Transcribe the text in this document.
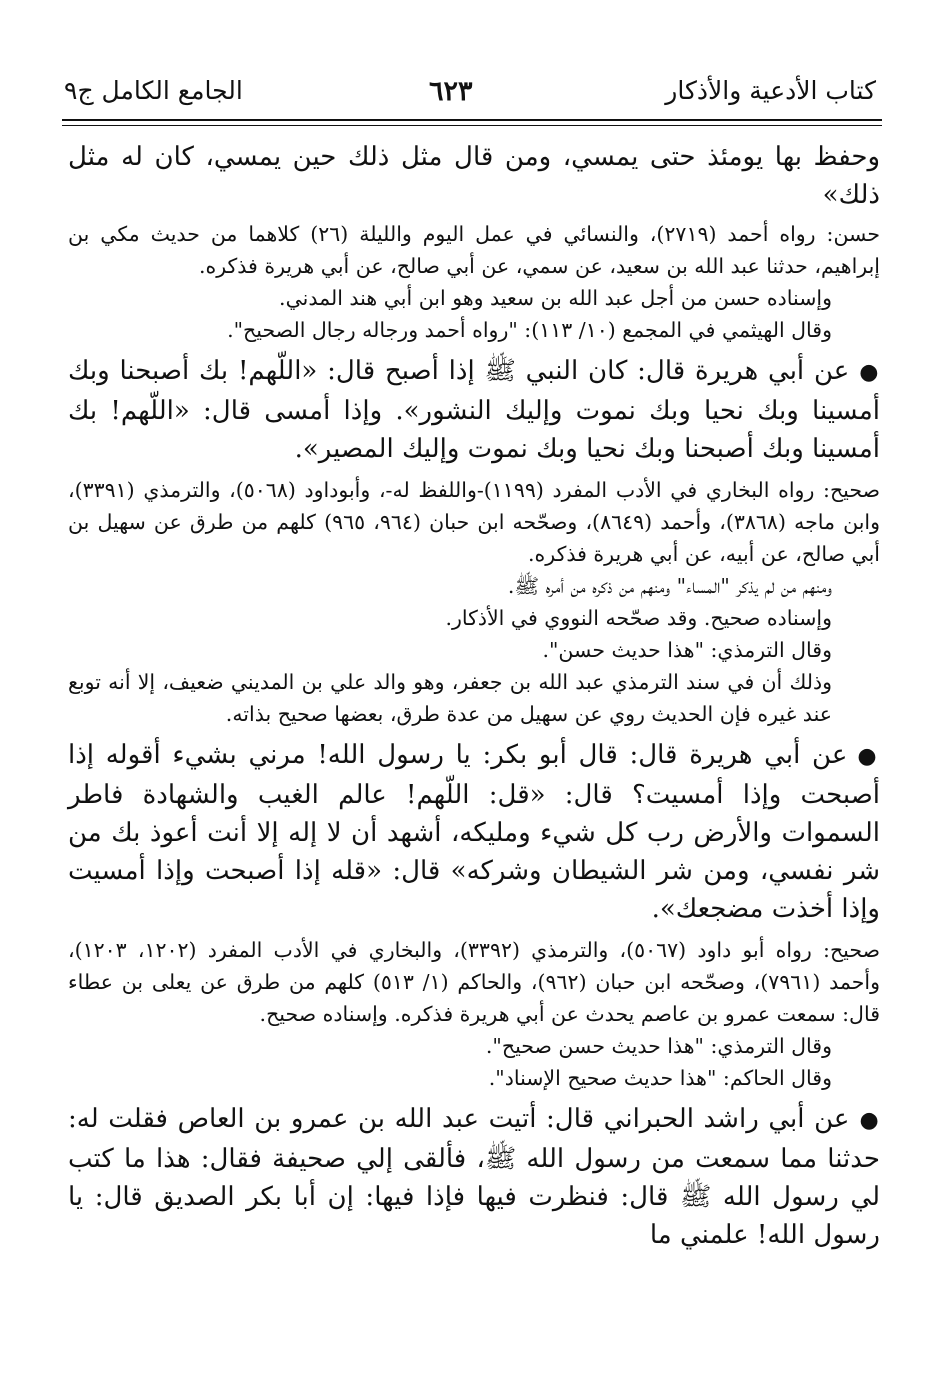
كتاب الأدعية والأذكار
٦٢٣
الجامع الكامل ج٩

وحفظ بها يومئذ حتى يمسي، ومن قال مثل ذلك حين يمسي، كان له مثل ذلك»

حسن: رواه أحمد (٢٧١٩)، والنسائي في عمل اليوم والليلة (٢٦) كلاهما من حديث مكي بن إبراهيم، حدثنا عبد الله بن سعيد، عن سمي، عن أبي صالح، عن أبي هريرة فذكره.

وإسناده حسن من أجل عبد الله بن سعيد وهو ابن أبي هند المدني.

وقال الهيثمي في المجمع (١٠/ ١١٣): "رواه أحمد ورجاله رجال الصحيح".

●عن أبي هريرة قال: كان النبي ﷺ إذا أصبح قال: «اللّهم! بك أصبحنا وبك أمسينا وبك نحيا وبك نموت وإليك النشور». وإذا أمسى قال: «اللّهم! بك أمسينا وبك أصبحنا وبك نحيا وبك نموت وإليك المصير».

صحيح: رواه البخاري في الأدب المفرد (١١٩٩)-واللفظ له-، وأبوداود (٥٠٦٨)، والترمذي (٣٣٩١)، وابن ماجه (٣٨٦٨)، وأحمد (٨٦٤٩)، وصحّحه ابن حبان (٩٦٤، ٩٦٥) كلهم من طرق عن سهيل بن أبي صالح، عن أبيه، عن أبي هريرة فذكره.

ومنهم من لم يذكر "المساء" ومنهم من ذكره من أمره ﷺ.

وإسناده صحيح. وقد صحّحه النووي في الأذكار.

وقال الترمذي: "هذا حديث حسن".

وذلك أن في سند الترمذي عبد الله بن جعفر، وهو والد علي بن المديني ضعيف، إلا أنه توبع عند غيره فإن الحديث روي عن سهيل من عدة طرق، بعضها صحيح بذاته.

●عن أبي هريرة قال: قال أبو بكر: يا رسول الله! مرني بشيء أقوله إذا أصبحت وإذا أمسيت؟ قال: «قل: اللّهم! عالم الغيب والشهادة فاطر السموات والأرض رب كل شيء ومليكه، أشهد أن لا إله إلا أنت أعوذ بك من شر نفسي، ومن شر الشيطان وشركه» قال: «قله إذا أصبحت وإذا أمسيت وإذا أخذت مضجعك».

صحيح: رواه أبو داود (٥٠٦٧)، والترمذي (٣٣٩٢)، والبخاري في الأدب المفرد (١٢٠٢، ١٢٠٣)، وأحمد (٧٩٦١)، وصحّحه ابن حبان (٩٦٢)، والحاكم (١/ ٥١٣) كلهم من طرق عن يعلى بن عطاء قال: سمعت عمرو بن عاصم يحدث عن أبي هريرة فذكره. وإسناده صحيح.

وقال الترمذي: "هذا حديث حسن صحيح".

وقال الحاكم: "هذا حديث صحيح الإسناد".

●عن أبي راشد الحبراني قال: أتيت عبد الله بن عمرو بن العاص فقلت له: حدثنا مما سمعت من رسول الله ﷺ، فألقى إلي صحيفة فقال: هذا ما كتب لي رسول الله ﷺ قال: فنظرت فيها فإذا فيها: إن أبا بكر الصديق قال: يا رسول الله! علمني ما
